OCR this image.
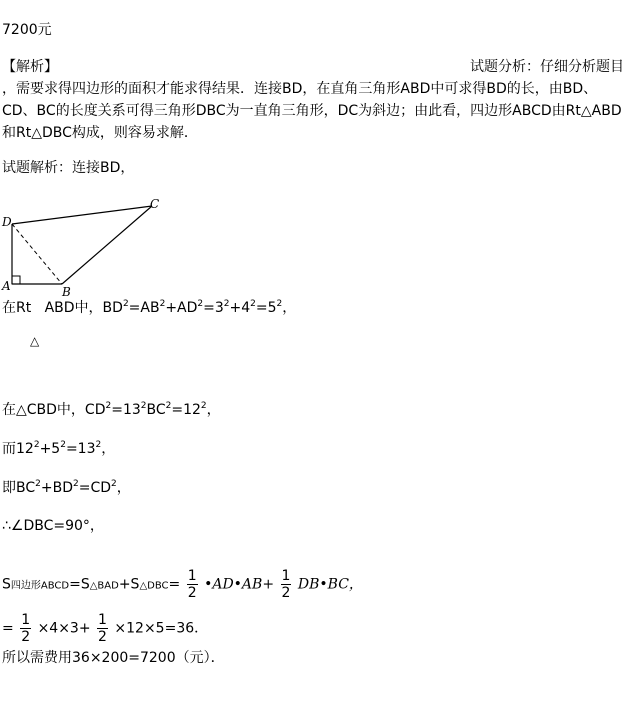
7200元
试题分析：仔细分析题目
【解析】
，需要求得四边形的面积才能求得结果．连接BD，在直角三角形ABD中可求得BD的长，由BD、CD、BC的长度关系可得三角形DBC为一直角三角形，DC为斜边；由此看，四边形ABCD由Rt△ABD和Rt△DBC构成，则容易求解．
试题解析：连接BD，
D
C
A	B
在Rt ABD中，$BD^2=AB^2+AD^2=3^2+4^2=5^2$，
△
在△CBD中，$CD^2=13^2BC^2=12^2$，
而$12^2+5^2=13^2$，
即$BC^2+BD^2=CD^2$，
∴∠DBC=90°，
S四边形ABCD=S△BAD+S△DBC= $\frac{1}{2}$ •AD•AB+ $\frac{1}{2}$ DB•BC，
= $\frac{1}{2} \times 4\times 3+ \frac{1}{2} \times 12\times 5=36$．
所以需费用36×200=7200（元）．
